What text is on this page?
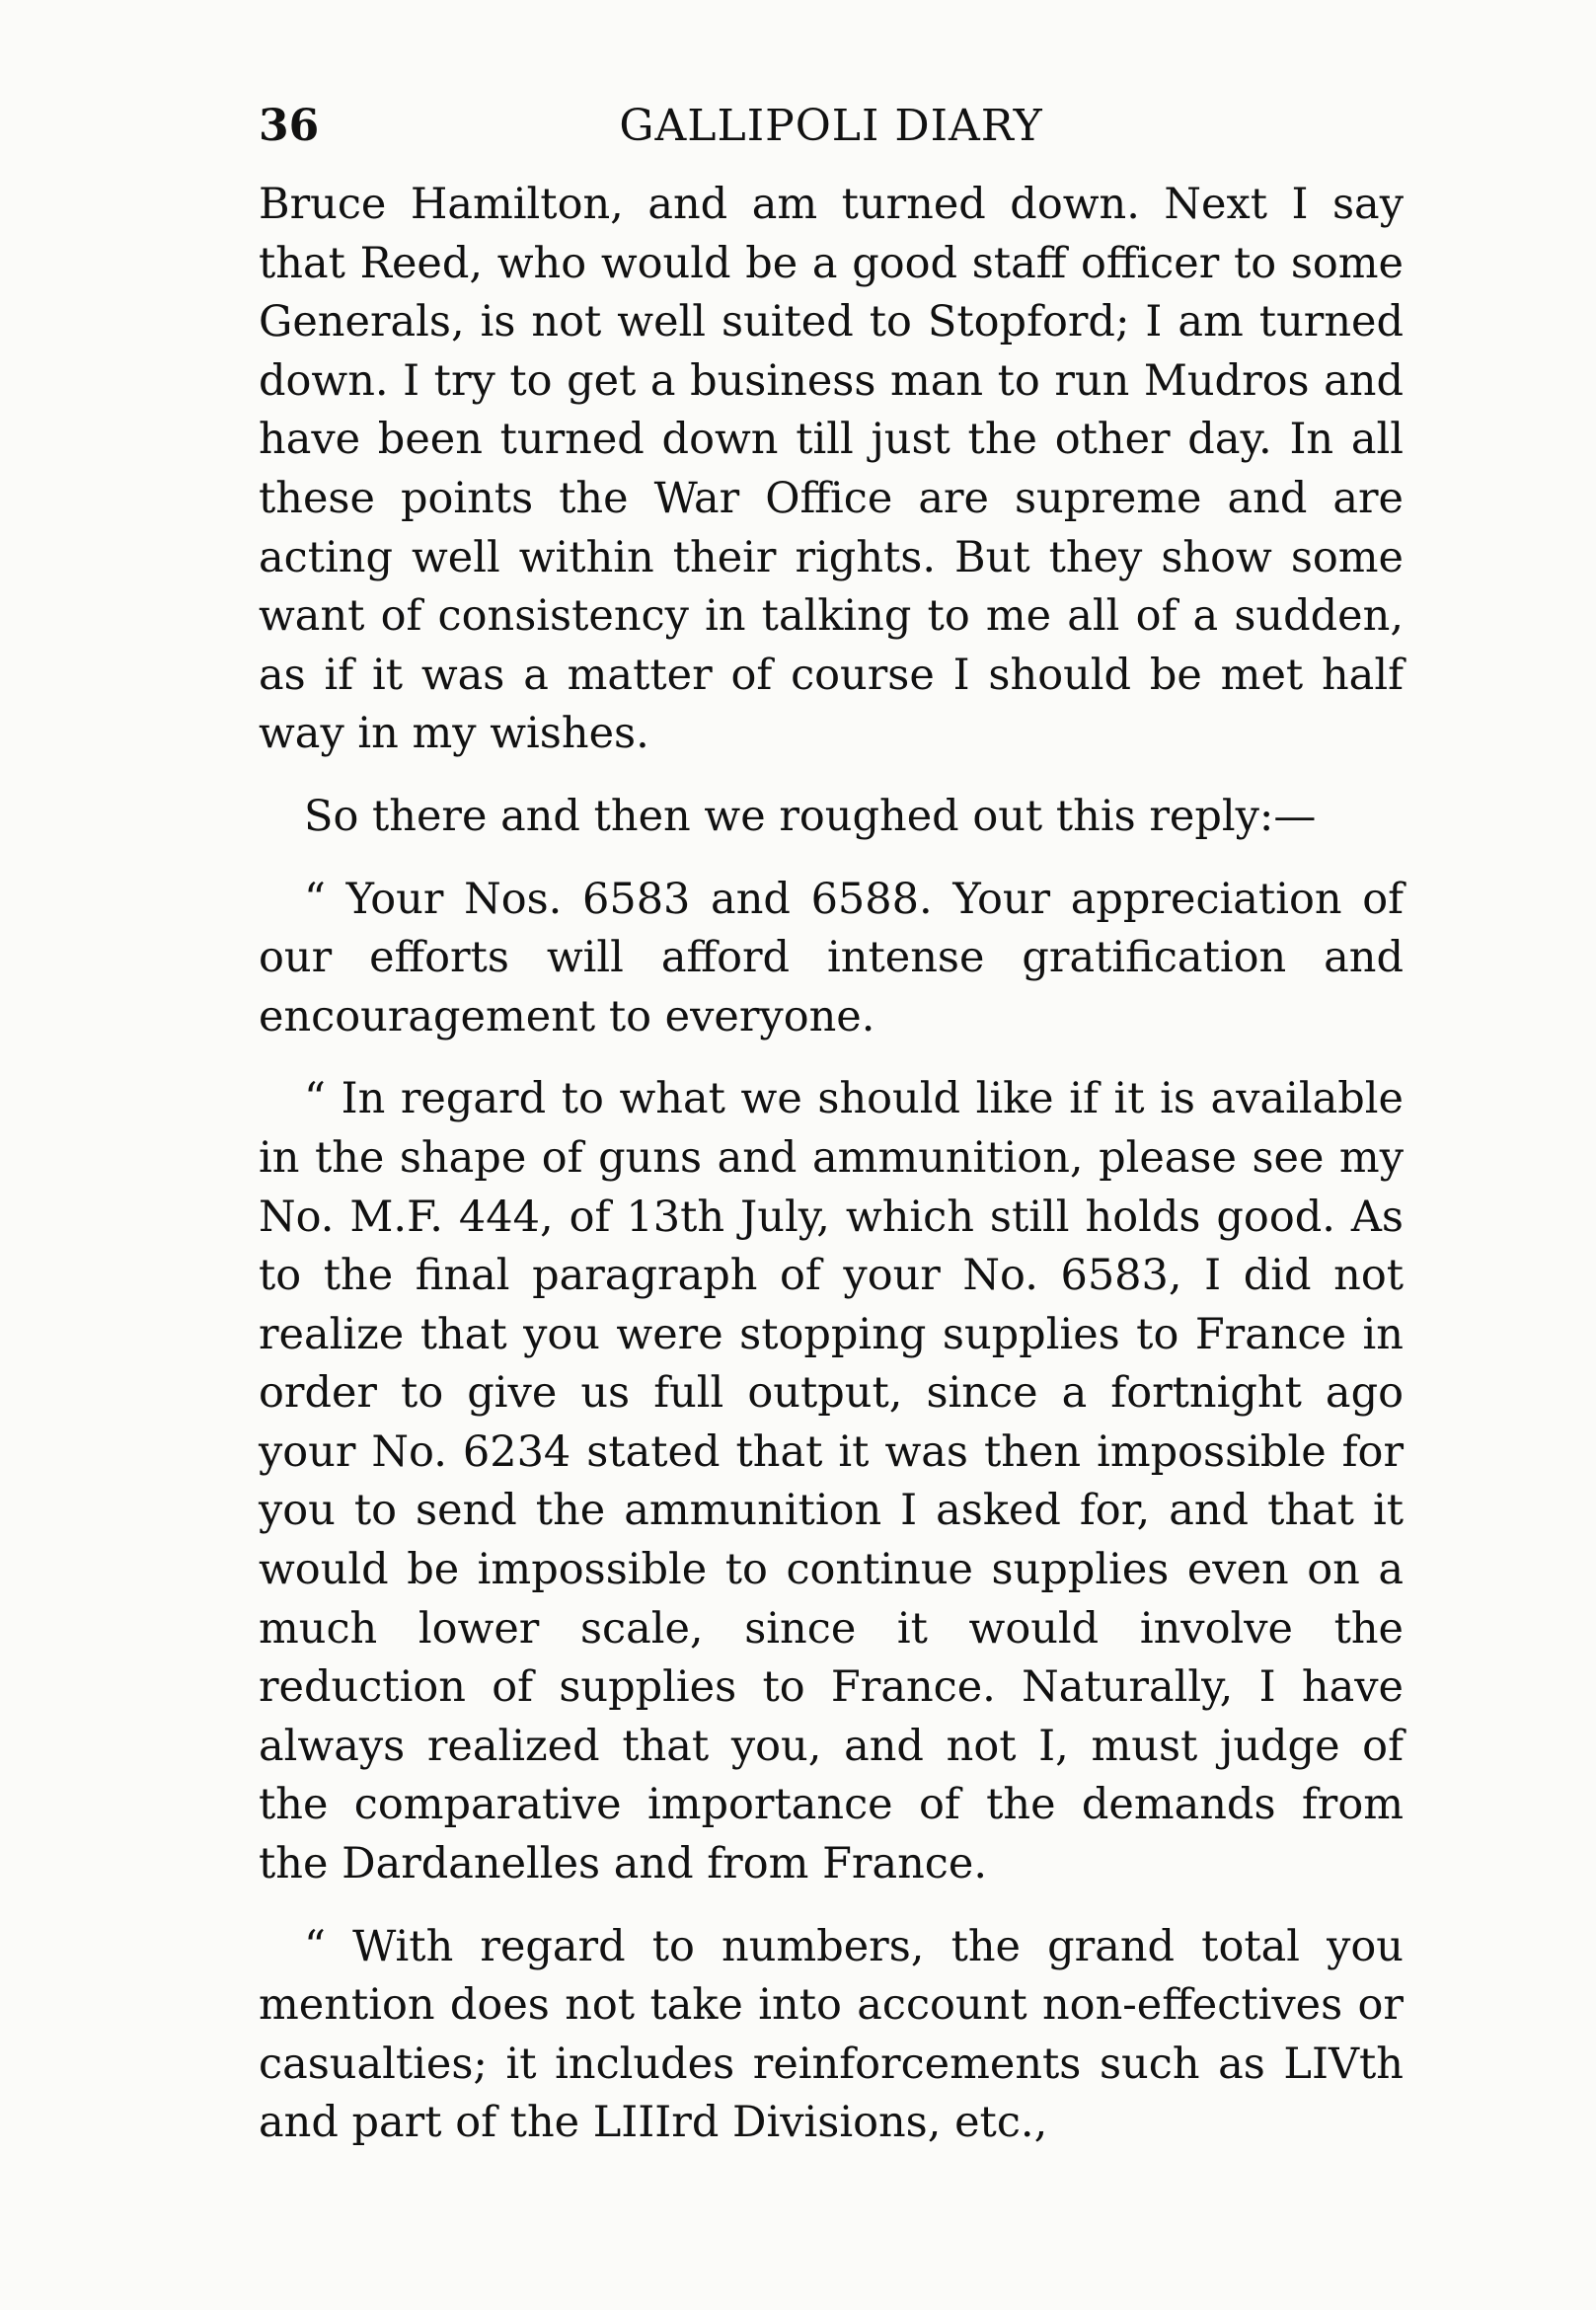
36	GALLIPOLI DIARY

Bruce Hamilton, and am turned down. Next I say that Reed, who would be a good staff officer to some Generals, is not well suited to Stopford; I am turned down. I try to get a business man to run Mudros and have been turned down till just the other day. In all these points the War Office are supreme and are acting well within their rights. But they show some want of consistency in talking to me all of a sudden, as if it was a matter of course I should be met half way in my wishes.

So there and then we roughed out this reply:—

“ Your Nos. 6583 and 6588. Your appreciation of our efforts will afford intense gratification and encouragement to everyone.

“ In regard to what we should like if it is available in the shape of guns and ammunition, please see my No. M.F. 444, of 13th July, which still holds good. As to the final paragraph of your No. 6583, I did not realize that you were stopping supplies to France in order to give us full output, since a fortnight ago your No. 6234 stated that it was then impossible for you to send the ammunition I asked for, and that it would be impossible to continue supplies even on a much lower scale, since it would involve the reduction of supplies to France. Naturally, I have always realized that you, and not I, must judge of the comparative importance of the demands from the Dardanelles and from France.

“ With regard to numbers, the grand total you mention does not take into account non-effectives or casualties; it includes reinforcements such as LIVth and part of the LIIIrd Divisions, etc.,
